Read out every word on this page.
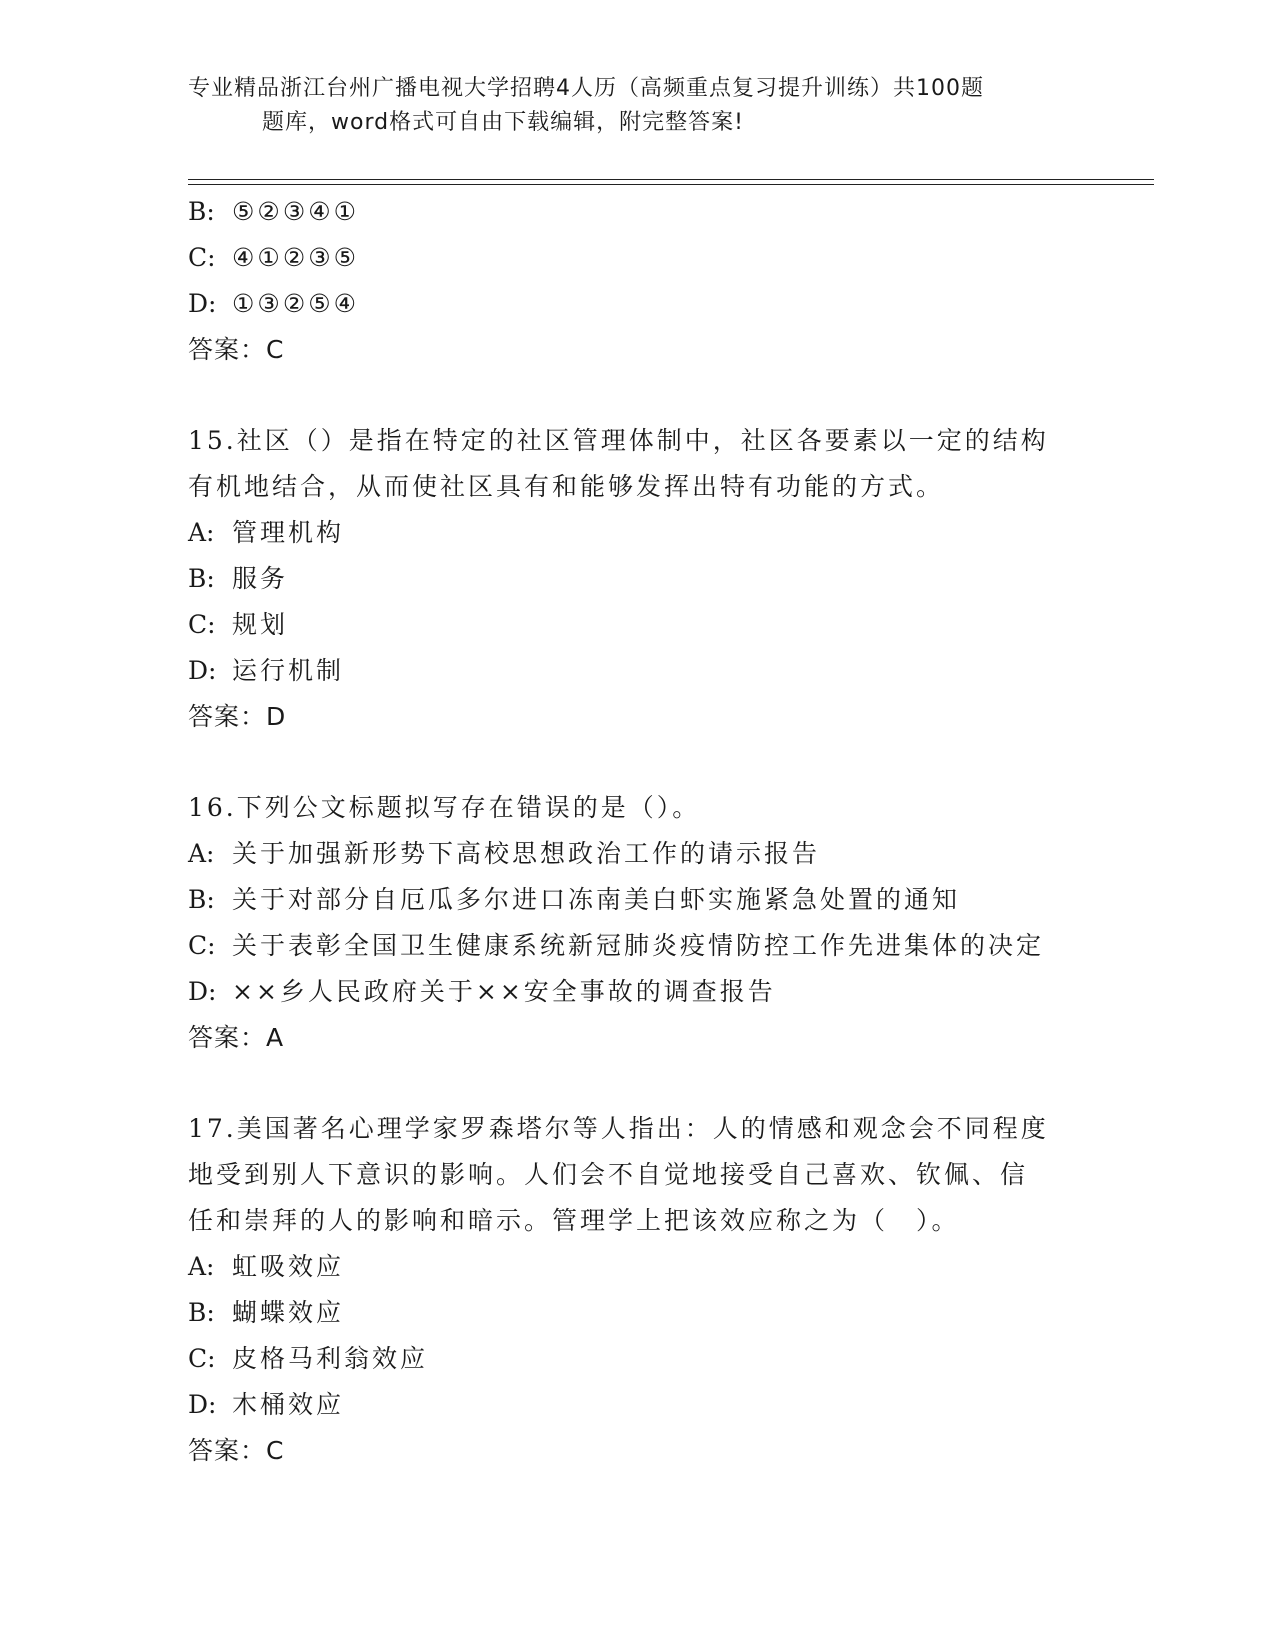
专业精品浙江台州广播电视大学招聘4人历（高频重点复习提升训练）共100题
题库，word格式可自由下载编辑，附完整答案!
B: ⑤②③④①
C: ④①②③⑤
D: ①③②⑤④
答案：C
15.社区（）是指在特定的社区管理体制中，社区各要素以一定的结构
有机地结合，从而使社区具有和能够发挥出特有功能的方式。
A: 管理机构
B: 服务
C: 规划
D: 运行机制
答案：D
16.下列公文标题拟写存在错误的是（）。
A: 关于加强新形势下高校思想政治工作的请示报告
B: 关于对部分自厄瓜多尔进口冻南美白虾实施紧急处置的通知
C: 关于表彰全国卫生健康系统新冠肺炎疫情防控工作先进集体的决定
D: ××乡人民政府关于××安全事故的调查报告
答案：A
17.美国著名心理学家罗森塔尔等人指出：人的情感和观念会不同程度
地受到别人下意识的影响。人们会不自觉地接受自己喜欢、钦佩、信
任和崇拜的人的影响和暗示。管理学上把该效应称之为（　）。
A: 虹吸效应
B: 蝴蝶效应
C: 皮格马利翁效应
D: 木桶效应
答案：C
